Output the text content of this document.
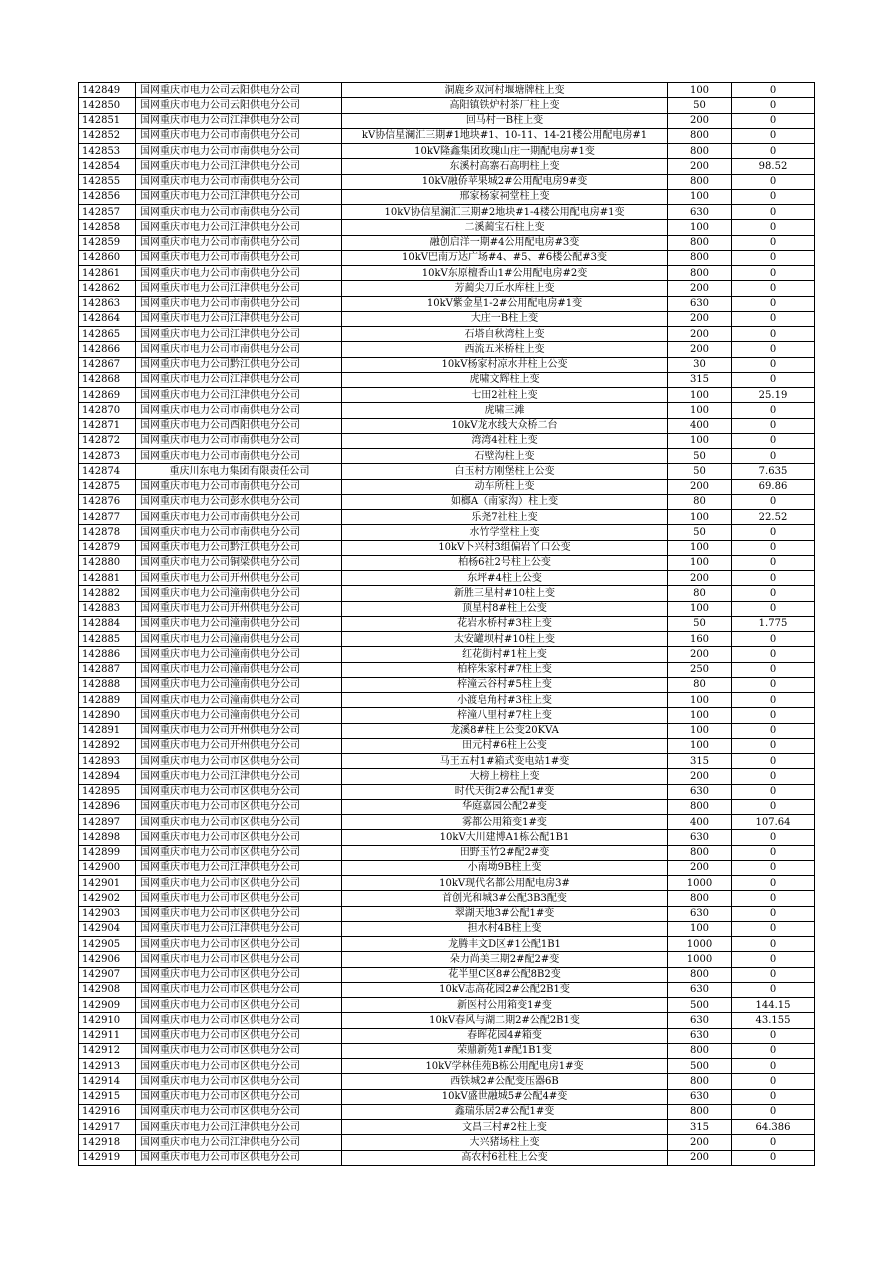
142849	国网重庆市电力公司云阳供电分公司	洞鹿乡双河村堰塘牌柱上变	100	0
142850	国网重庆市电力公司云阳供电分公司	高阳镇铁炉村茶厂柱上变	50	0
142851	国网重庆市电力公司江津供电分公司	回马村一B柱上变	200	0
142852	国网重庆市电力公司市南供电分公司	kV协信星澜汇三期#1地块#1、10-11、14-21楼公用配电房#1	800	0
142853	国网重庆市电力公司市南供电分公司	10kV隆鑫集团玫瑰山庄一期配电房#1变	800	0
142854	国网重庆市电力公司江津供电分公司	东溪村高寨石高明柱上变	200	98.52
142855	国网重庆市电力公司市南供电分公司	10kV融侨苹果城2#公用配电房9#变	800	0
142856	国网重庆市电力公司江津供电分公司	邢家杨家祠堂柱上变	100	0
142857	国网重庆市电力公司市南供电分公司	10kV协信星澜汇三期#2地块#1-4楼公用配电房#1变	630	0
142858	国网重庆市电力公司江津供电分公司	二溪蔺宝石柱上变	100	0
142859	国网重庆市电力公司市南供电分公司	融创启洋一期#4公用配电房#3变	800	0
142860	国网重庆市电力公司市南供电分公司	10kV巴南万达广场#4、#5、#6楼公配#3变	800	0
142861	国网重庆市电力公司市南供电分公司	10kV东原檀香山1#公用配电房#2变	800	0
142862	国网重庆市电力公司江津供电分公司	芳蔺尖刀丘水库柱上变	200	0
142863	国网重庆市电力公司市南供电分公司	10kV紫金星1-2#公用配电房#1变	630	0
142864	国网重庆市电力公司江津供电分公司	大庄一B柱上变	200	0
142865	国网重庆市电力公司江津供电分公司	石塔自秋湾柱上变	200	0
142866	国网重庆市电力公司市南供电分公司	西流五米桥柱上变	200	0
142867	国网重庆市电力公司黔江供电分公司	10kV杨家村凉水井柱上公变	30	0
142868	国网重庆市电力公司江津供电分公司	虎啸文辉柱上变	315	0
142869	国网重庆市电力公司江津供电分公司	七田2社柱上变	100	25.19
142870	国网重庆市电力公司市南供电分公司	虎啸三滩	100	0
142871	国网重庆市电力公司酉阳供电分公司	10kV龙水线大众桥二台	400	0
142872	国网重庆市电力公司市南供电分公司	湾湾4社柱上变	100	0
142873	国网重庆市电力公司市南供电分公司	石壁沟柱上变	50	0
142874	重庆川东电力集团有限责任公司	白玉村方刚堡柱上公变	50	7.635
142875	国网重庆市电力公司市南供电分公司	动车所柱上变	200	69.86
142876	国网重庆市电力公司彭水供电分公司	如榔A（南家沟）柱上变	80	0
142877	国网重庆市电力公司市南供电分公司	乐尧7社柱上变	100	22.52
142878	国网重庆市电力公司市南供电分公司	水竹学堂柱上变	50	0
142879	国网重庆市电力公司黔江供电分公司	10kV卜兴村3组偏岩丫口公变	100	0
142880	国网重庆市电力公司铜梁供电分公司	柏杨6社2号柱上公变	100	0
142881	国网重庆市电力公司开州供电分公司	东坪#4柱上公变	200	0
142882	国网重庆市电力公司潼南供电分公司	新胜三星村#10柱上变	80	0
142883	国网重庆市电力公司开州供电分公司	顶星村8#柱上公变	100	0
142884	国网重庆市电力公司潼南供电分公司	花岩水桥村#3柱上变	50	1.775
142885	国网重庆市电力公司潼南供电分公司	太安罐坝村#10柱上变	160	0
142886	国网重庆市电力公司潼南供电分公司	红花街村#1柱上变	200	0
142887	国网重庆市电力公司潼南供电分公司	柏梓朱家村#7柱上变	250	0
142888	国网重庆市电力公司潼南供电分公司	梓潼云谷村#5柱上变	80	0
142889	国网重庆市电力公司潼南供电分公司	小渡皂角村#3柱上变	100	0
142890	国网重庆市电力公司潼南供电分公司	梓潼八里村#7柱上变	100	0
142891	国网重庆市电力公司开州供电分公司	龙溪8#柱上公变20KVA	100	0
142892	国网重庆市电力公司开州供电分公司	田元村#6柱上公变	100	0
142893	国网重庆市电力公司市区供电分公司	马王五村1#箱式变电站1#变	315	0
142894	国网重庆市电力公司江津供电分公司	大榜上榜柱上变	200	0
142895	国网重庆市电力公司市区供电分公司	时代天街2#公配1#变	630	0
142896	国网重庆市电力公司市区供电分公司	华庭嘉园公配2#变	800	0
142897	国网重庆市电力公司市区供电分公司	雾都公用箱变1#变	400	107.64
142898	国网重庆市电力公司市区供电分公司	10kV大川建博A1栋公配1B1	630	0
142899	国网重庆市电力公司市区供电分公司	田野玉竹2#配2#变	800	0
142900	国网重庆市电力公司江津供电分公司	小南坳9B柱上变	200	0
142901	国网重庆市电力公司市区供电分公司	10kV现代名都公用配电房3#	1000	0
142902	国网重庆市电力公司市区供电分公司	首创光和城3#公配3B3配变	800	0
142903	国网重庆市电力公司市区供电分公司	翠湖天地3#公配1#变	630	0
142904	国网重庆市电力公司江津供电分公司	担水村4B柱上变	100	0
142905	国网重庆市电力公司市区供电分公司	龙腾丰文D区#1公配1B1	1000	0
142906	国网重庆市电力公司市区供电分公司	朵力尚美三期2#配2#变	1000	0
142907	国网重庆市电力公司市区供电分公司	花半里C区8#公配8B2变	800	0
142908	国网重庆市电力公司市区供电分公司	10kV志高花园2#公配2B1变	630	0
142909	国网重庆市电力公司市区供电分公司	新医村公用箱变1#变	500	144.15
142910	国网重庆市电力公司市区供电分公司	10kV春风与湖二期2#公配2B1变	630	43.155
142911	国网重庆市电力公司市区供电分公司	春晖花园4#箱变	630	0
142912	国网重庆市电力公司市区供电分公司	荣鼎新苑1#配1B1变	800	0
142913	国网重庆市电力公司市区供电分公司	10kV学林佳苑B栋公用配电房1#变	500	0
142914	国网重庆市电力公司市区供电分公司	西铁城2#公配变压器6B	800	0
142915	国网重庆市电力公司市区供电分公司	10kV盛世融城5#公配4#变	630	0
142916	国网重庆市电力公司市区供电分公司	鑫瑞乐居2#公配1#变	800	0
142917	国网重庆市电力公司江津供电分公司	文昌三村#2柱上变	315	64.386
142918	国网重庆市电力公司江津供电分公司	大兴猪场柱上变	200	0
142919	国网重庆市电力公司市区供电分公司	高农村6社柱上公变	200	0
